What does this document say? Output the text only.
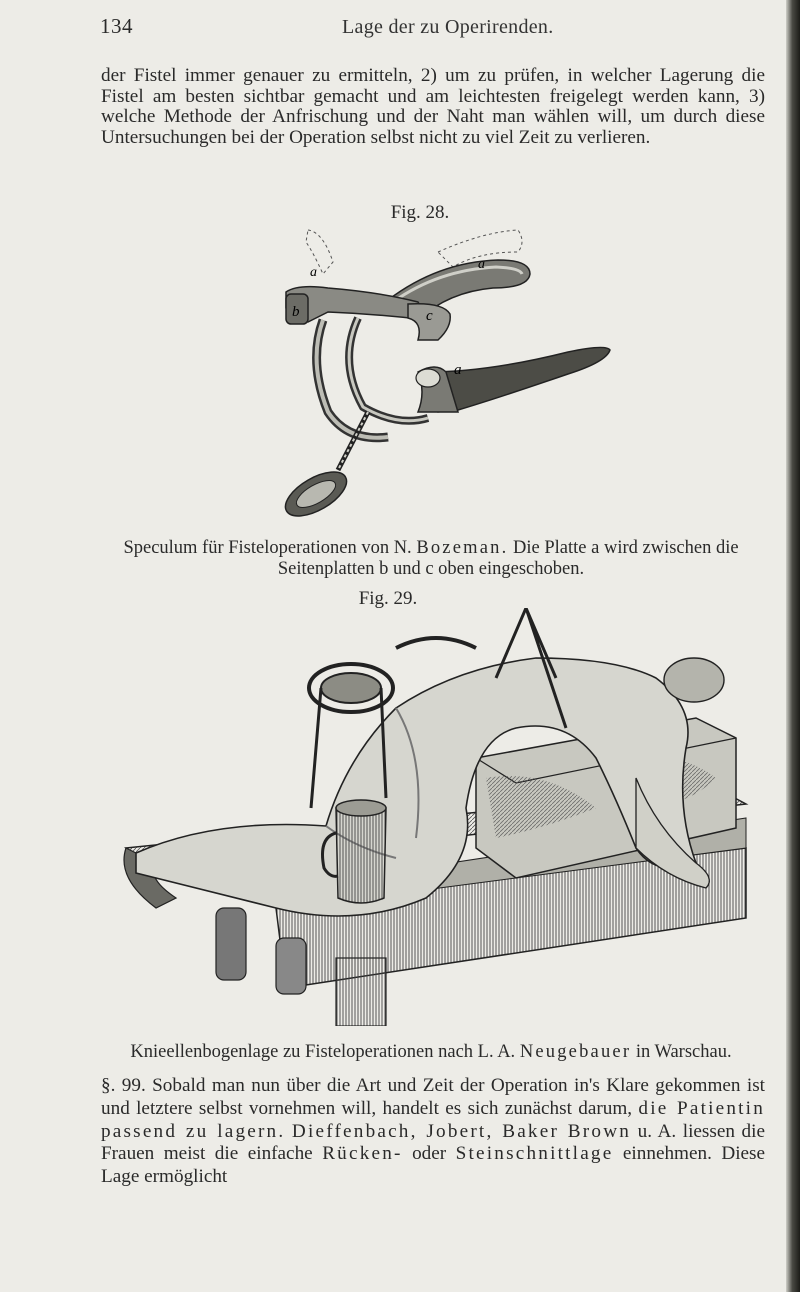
134	Lage der zu Operirenden.

der Fistel immer genauer zu ermitteln, 2) um zu prüfen, in welcher Lagerung die Fistel am besten sichtbar gemacht und am leichtesten freigelegt werden kann, 3) welche Methode der Anfrischung und der Naht man wählen will, um durch diese Untersuchungen bei der Operation selbst nicht zu viel Zeit zu verlieren.

Fig. 28.
a
a
b	c
a
Speculum für Fisteloperationen von N. Bozeman. Die Platte a wird zwischen die Seitenplatten b und c oben eingeschoben.
Fig. 29.
Knieellenbogenlage zu Fisteloperationen nach L. A. Neugebauer in Warschau.

§. 99. Sobald man nun über die Art und Zeit der Operation in's Klare gekommen ist und letztere selbst vornehmen will, handelt es sich zunächst darum, die Patientin passend zu lagern. Dieffenbach, Jobert, Baker Brown u. A. liessen die Frauen meist die einfache Rücken- oder Steinschnittlage einnehmen. Diese Lage ermöglicht
